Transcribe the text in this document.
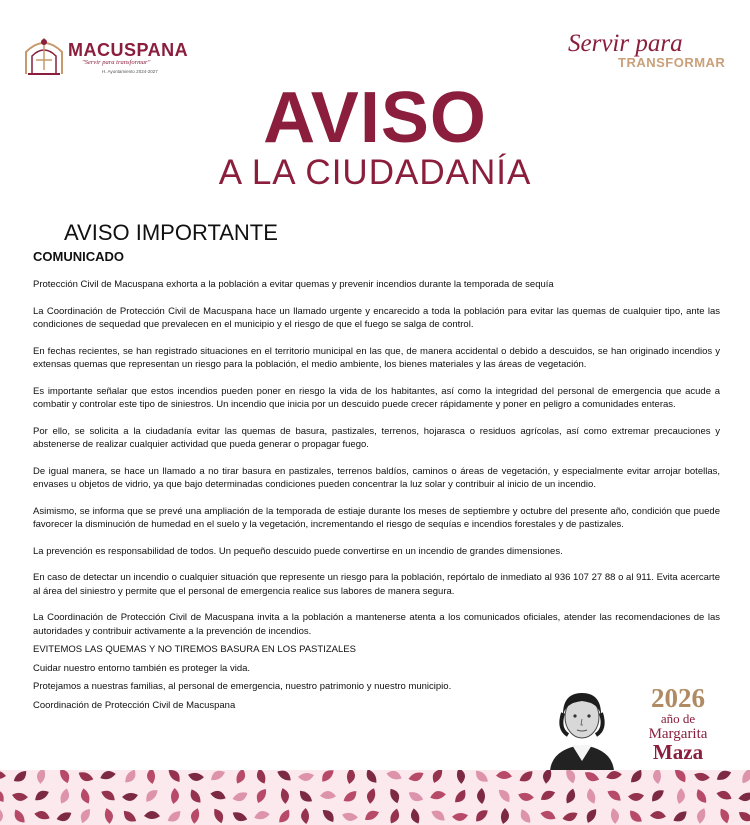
MACUSPANA
"Servir para transformar"
H. Ayuntamiento 2024-2027
Servir para
TRANSFORMAR
AVISO
A LA CIUDADANÍA
AVISO IMPORTANTE
COMUNICADO

Protección Civil de Macuspana exhorta a la población a evitar quemas y prevenir incendios durante la temporada de sequía

La Coordinación de Protección Civil de Macuspana hace un llamado urgente y encarecido a toda la población para evitar las quemas de cualquier tipo, ante las condiciones de sequedad que prevalecen en el municipio y el riesgo de que el fuego se salga de control.

En fechas recientes, se han registrado situaciones en el territorio municipal en las que, de manera accidental o debido a descuidos, se han originado incendios y extensas quemas que representan un riesgo para la población, el medio ambiente, los bienes materiales y las áreas de vegetación.

Es importante señalar que estos incendios pueden poner en riesgo la vida de los habitantes, así como la integridad del personal de emergencia que acude a combatir y controlar este tipo de siniestros. Un incendio que inicia por un descuido puede crecer rápidamente y poner en peligro a comunidades enteras.

Por ello, se solicita a la ciudadanía evitar las quemas de basura, pastizales, terrenos, hojarasca o residuos agrícolas, así como extremar precauciones y abstenerse de realizar cualquier actividad que pueda generar o propagar fuego.

De igual manera, se hace un llamado a no tirar basura en pastizales, terrenos baldíos, caminos o áreas de vegetación, y especialmente evitar arrojar botellas, envases u objetos de vidrio, ya que bajo determinadas condiciones pueden concentrar la luz solar y contribuir al inicio de un incendio.

Asimismo, se informa que se prevé una ampliación de la temporada de estiaje durante los meses de septiembre y octubre del presente año, condición que puede favorecer la disminución de humedad en el suelo y la vegetación, incrementando el riesgo de sequías e incendios forestales y de pastizales.

La prevención es responsabilidad de todos. Un pequeño descuido puede convertirse en un incendio de grandes dimensiones.

En caso de detectar un incendio o cualquier situación que represente un riesgo para la población, repórtalo de inmediato al 936 107 27 88 o al 911. Evita acercarte al área del siniestro y permite que el personal de emergencia realice sus labores de manera segura.

La Coordinación de Protección Civil de Macuspana invita a la población a mantenerse atenta a los comunicados oficiales, atender las recomendaciones de las autoridades y contribuir activamente a la prevención de incendios.

EVITEMOS LAS QUEMAS Y NO TIREMOS BASURA EN LOS PASTIZALES

Cuidar nuestro entorno también es proteger la vida.

Protejamos a nuestras familias, al personal de emergencia, nuestro patrimonio y nuestro municipio.

Coordinación de Protección Civil de Macuspana	2026
año de
Margarita
Maza
